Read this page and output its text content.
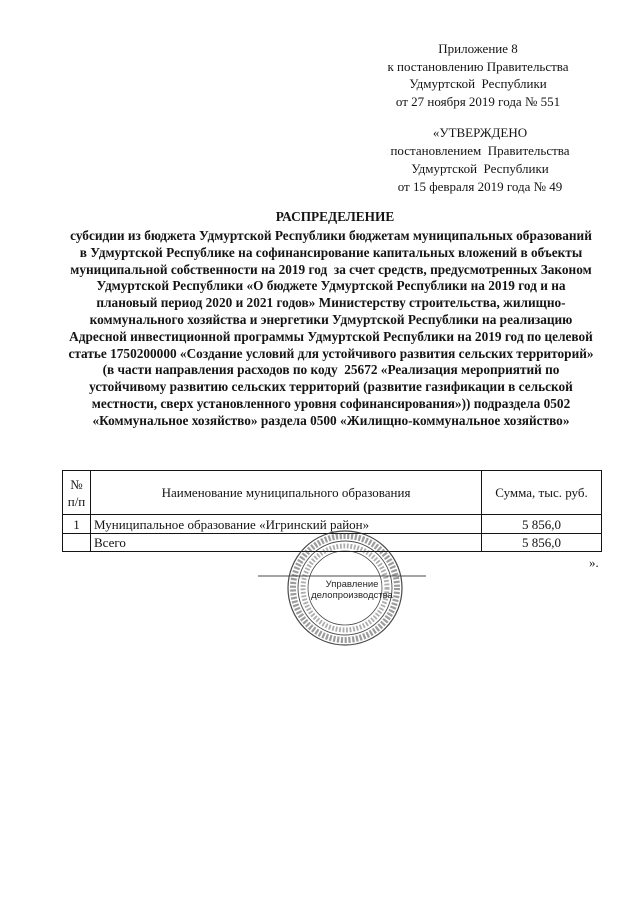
Приложение 8
к постановлению Правительства
Удмуртской  Республики
от 27 ноября 2019 года № 551
«УТВЕРЖДЕНО
постановлением  Правительства
Удмуртской  Республики
от 15 февраля 2019 года № 49
РАСПРЕДЕЛЕНИЕ
субсидии из бюджета Удмуртской Республики бюджетам муниципальных образований
в Удмуртской Республике на софинансирование капитальных вложений в объекты
муниципальной собственности на 2019 год  за счет средств, предусмотренных Законом
Удмуртской Республики «О бюджете Удмуртской Республики на 2019 год и на
плановый период 2020 и 2021 годов» Министерству строительства, жилищно-
коммунального хозяйства и энергетики Удмуртской Республики на реализацию
Адресной инвестиционной программы Удмуртской Республики на 2019 год по целевой
статье 1750200000 «Создание условий для устойчивого развития сельских территорий»
(в части направления расходов по коду  25672 «Реализация мероприятий по
устойчивому развитию сельских территорий (развитие газификации в сельской
местности, сверх установленного уровня софинансирования»)) подраздела 0502
«Коммунальное хозяйство» раздела 0500 «Жилищно-коммунальное хозяйство»
№
п/п	Наименование муниципального образования	Сумма, тыс. руб.
1	Муниципальное образование «Игринский район»	5 856,0
	Всего	5 856,0
».
Управление
делопроизводства
